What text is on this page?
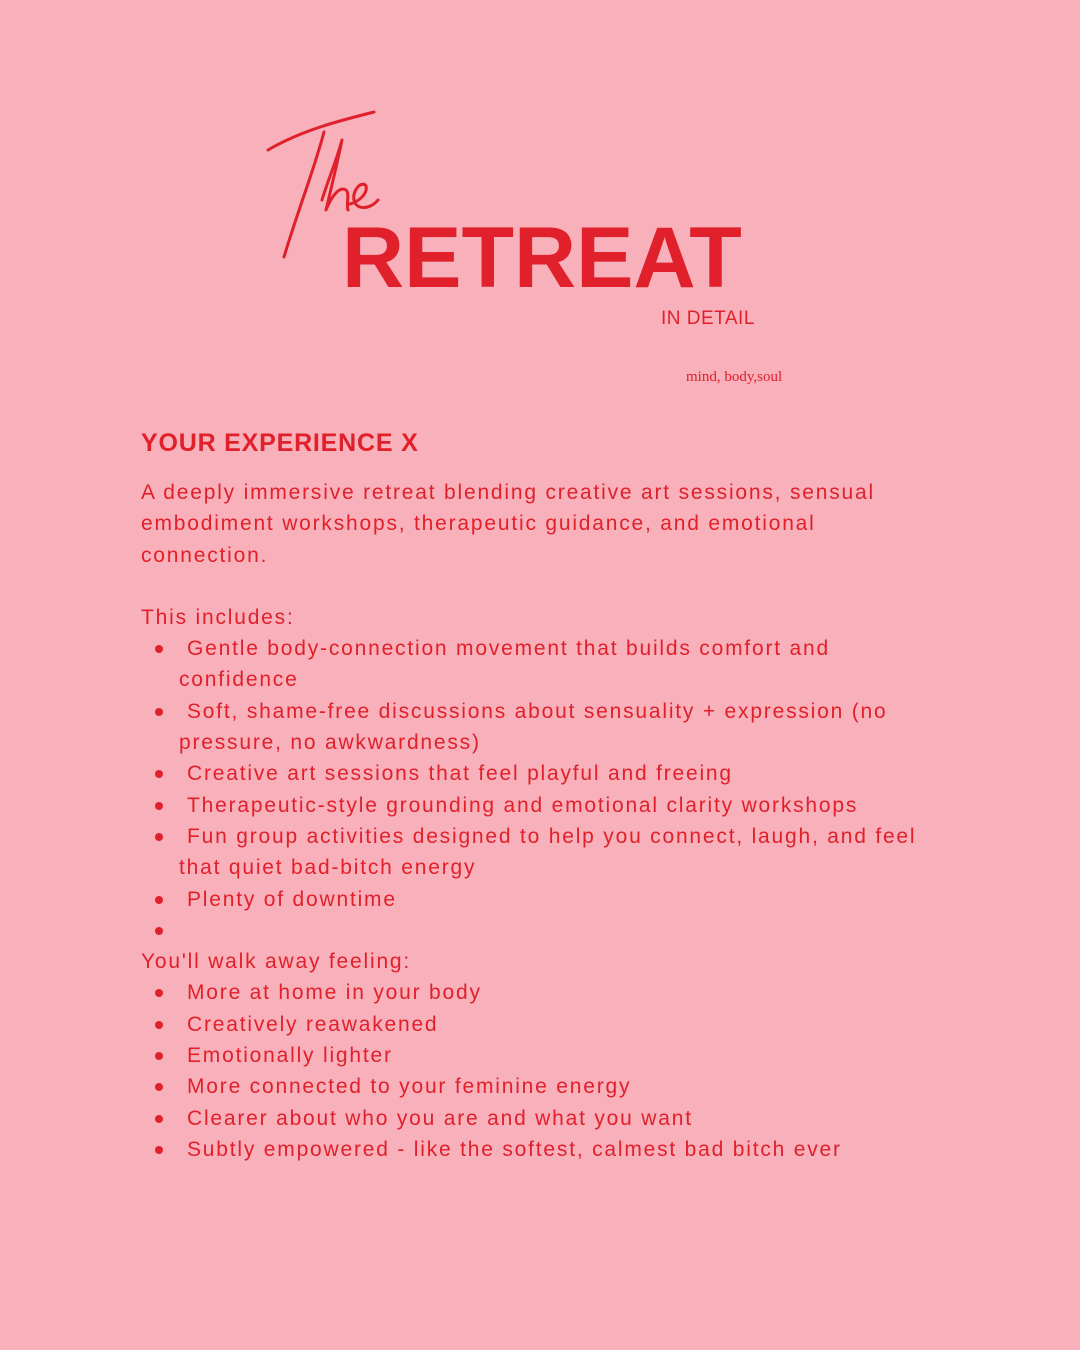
RETREAT
IN DETAIL
mind, body,soul
YOUR EXPERIENCE X

A deeply immersive retreat blending creative art sessions, sensual embodiment workshops, therapeutic guidance, and emotional connection.

This includes:

Gentle body-connection movement that builds comfort and confidence
Soft, shame-free discussions about sensuality + expression (no pressure, no awkwardness)
Creative art sessions that feel playful and freeing
Therapeutic-style grounding and emotional clarity workshops
Fun group activities designed to help you connect, laugh, and feel that quiet bad-bitch energy
Plenty of downtime

You'll walk away feeling:

More at home in your body
Creatively reawakened
Emotionally lighter
More connected to your feminine energy
Clearer about who you are and what you want
Subtly empowered - like the softest, calmest bad bitch ever
